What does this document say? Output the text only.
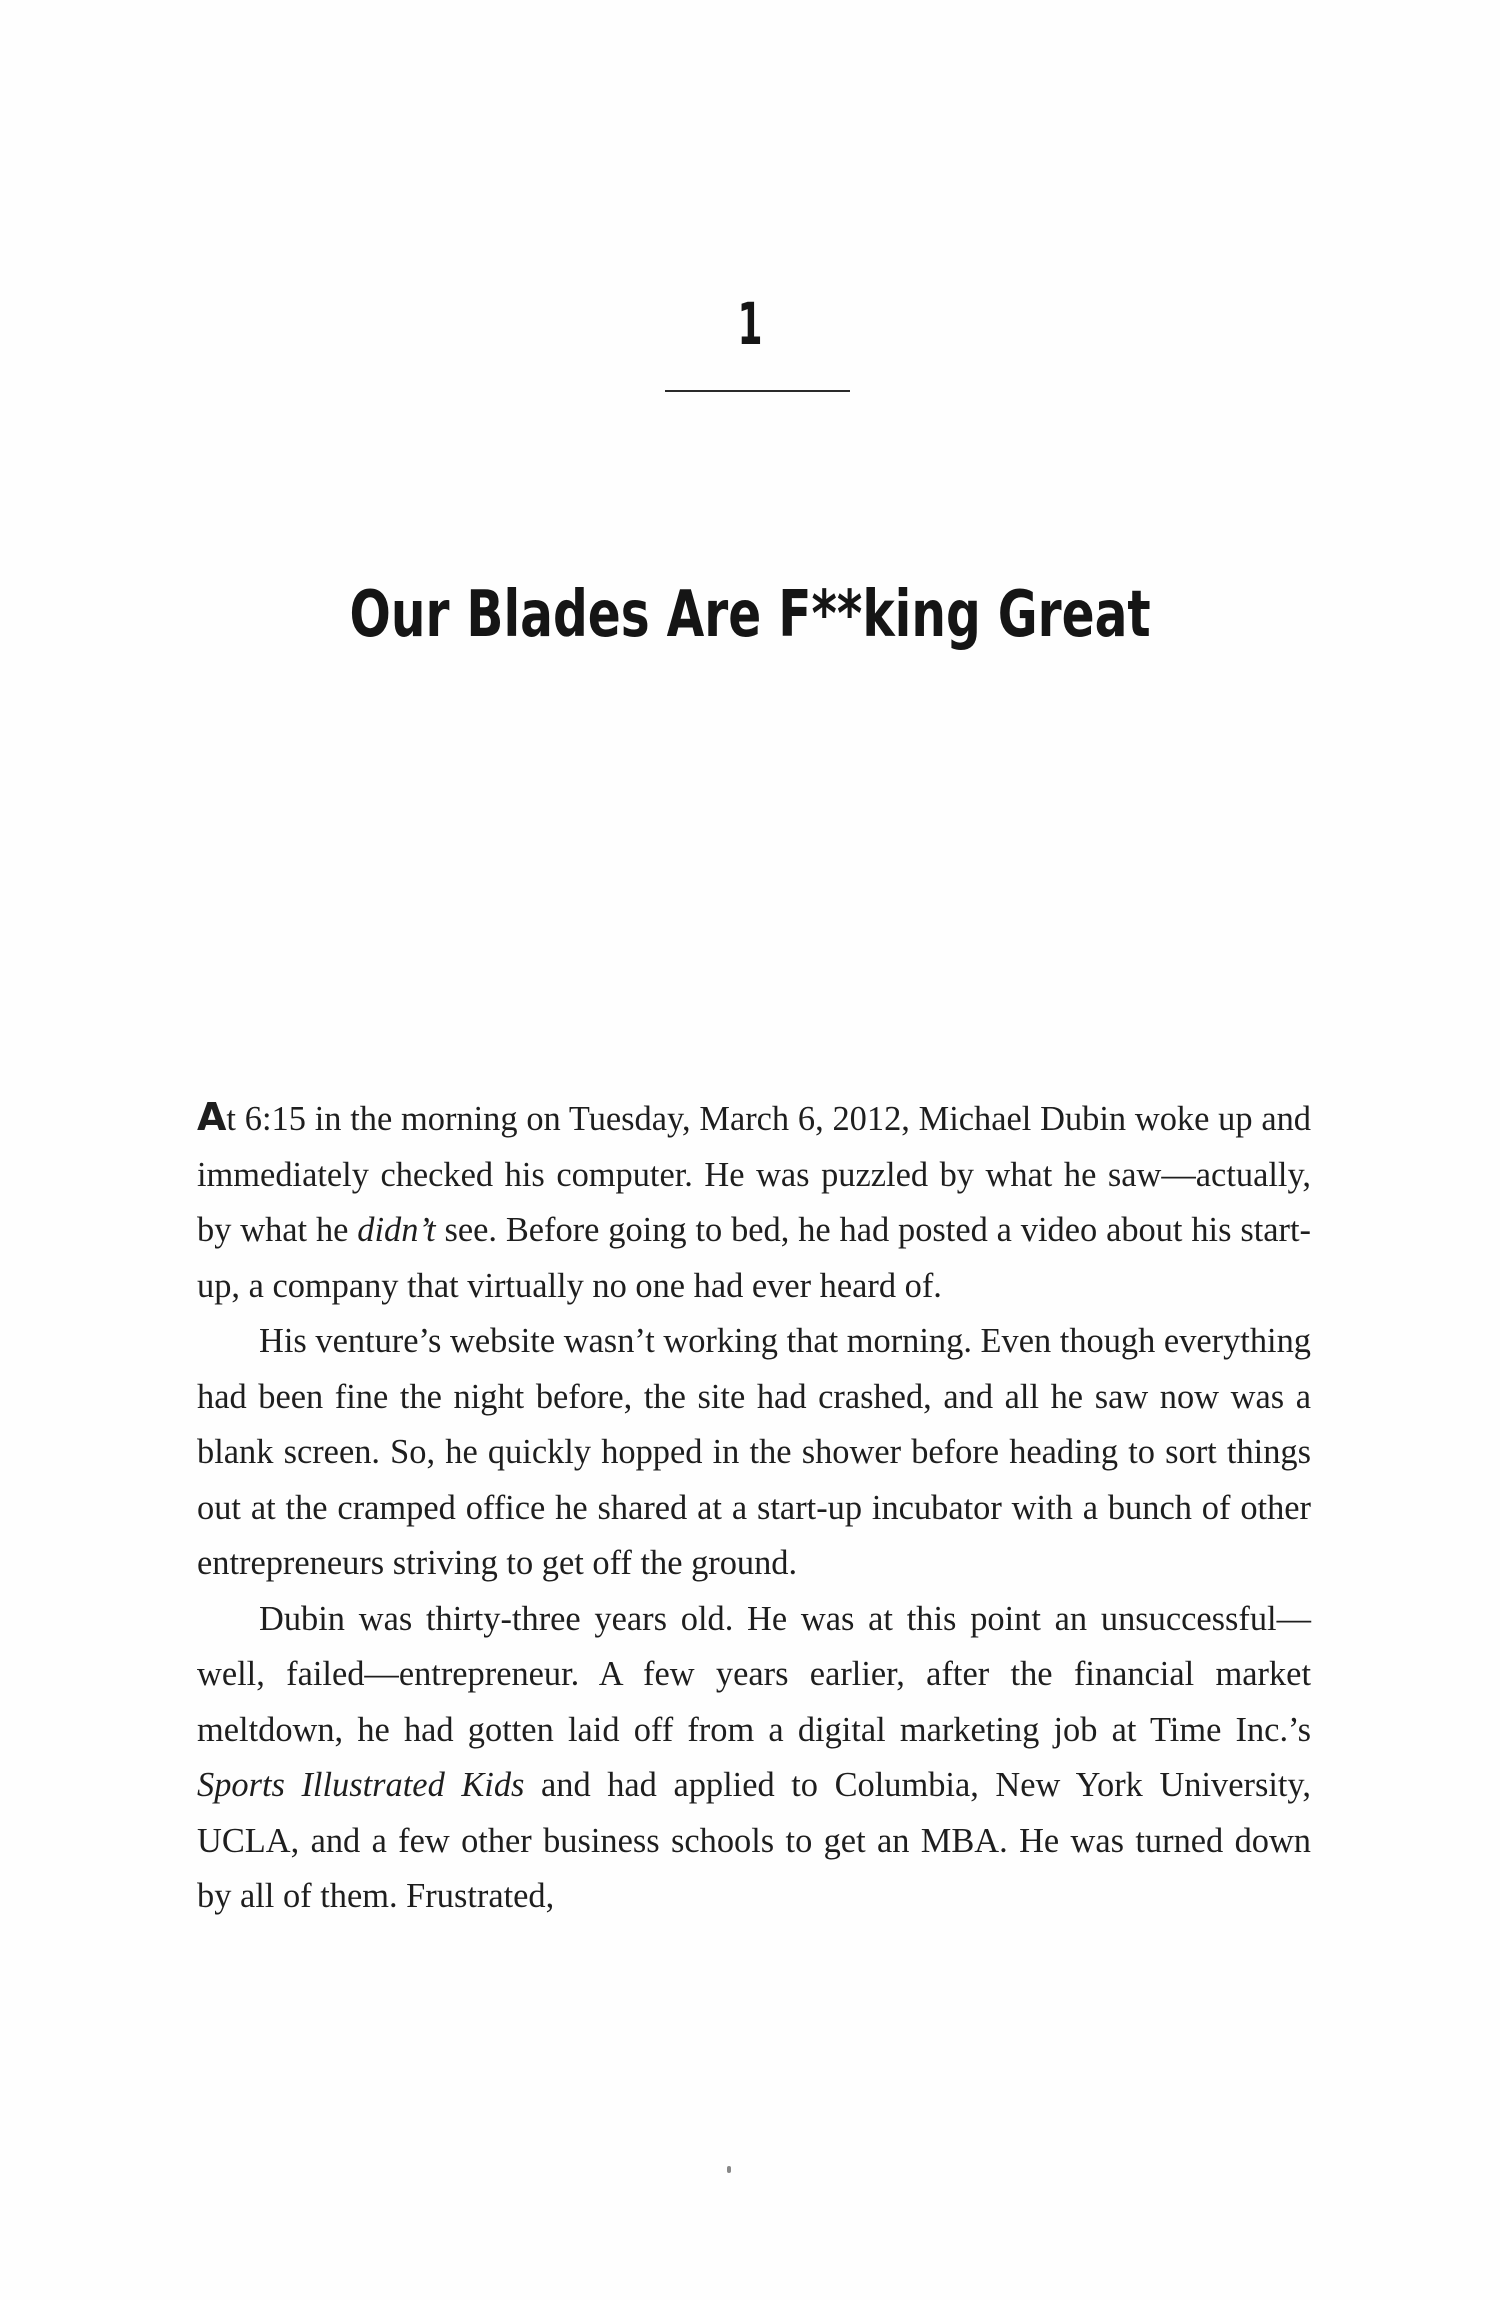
1
Our Blades Are F**king Great

At 6:15 in the morning on Tuesday, March 6, 2012, Michael Dubin woke up and immediately checked his computer. He was puzzled by what he saw—actually, by what he didn’t see. Before going to bed, he had posted a video about his start-up, a company that virtually no one had ever heard of.

His venture’s website wasn’t working that morning. Even though everything had been fine the night before, the site had crashed, and all he saw now was a blank screen. So, he quickly hopped in the shower before heading to sort things out at the cramped office he shared at a start-up incubator with a bunch of other entrepreneurs striving to get off the ground.

Dubin was thirty-three years old. He was at this point an unsuccessful—well, failed—entrepreneur. A few years earlier, after the financial market meltdown, he had gotten laid off from a digital marketing job at Time Inc.’s Sports Illustrated Kids and had applied to Columbia, New York University, UCLA, and a few other business schools to get an MBA. He was turned down by all of them. Frustrated,
